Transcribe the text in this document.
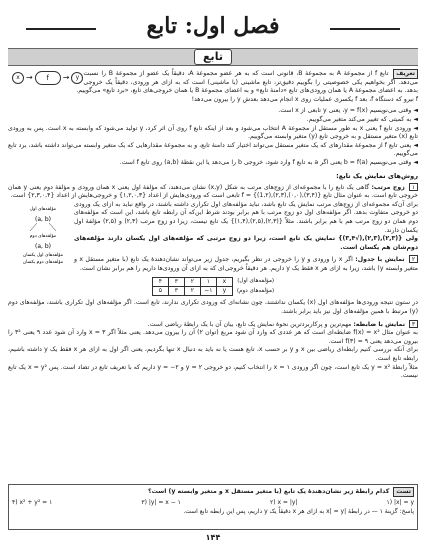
فصل اول: تابع
تابع
x →	f	→	y
تعریف تابع f از مجموعهٔ A به مجموعهٔ B، قانونی است که به هر عضو مجموعهٔ A، دقیقاً یک عضو از مجموعهٔ B را نسبت می‌دهد. اگر بخواهیم یکی خصوصیتی را بگوییم دقیق‌تر، تابع ماشینی (یا ماشینی) است که به ازای هر ورودی، دقیقاً یک خروجی بدهد. به اعضای مجموعهٔ A یا همان ورودی‌های تابع «دامنهٔ تابع» و به اعضای مجموعهٔ B یا همان خروجی‌های تابع، «برد تابع» می‌گوییم.
f نیرو ‌که دستگاه f، بعد f یکسری عملیات روی x انجام می‌دهد بعدش y را بیرون می‌دهد!
◄ وقتی می‌نویسیم y = f(x)، یعنی y تابعی از x است.
◄ به کمیتی که تغییر می‌کند متغیر می‌گوییم.
◄ ورودی تابع f یعنی x به طور مستقل از مجموعهٔ A انتخاب می‌شود و بعد از اینکه تابع f روی آن اثر کرد، y تولید می‌شود که وابسته به x است. پس به ورودی تابع (x) متغیر مستقل و به خروجی تابع (y) متغیر وابسته می‌گوییم.
◄ یعنی تابع f از مجموعهٔ مقدارهای که یک متغیر مستقل می‌تواند اختیار کند دامنهٔ تابع، و به مجموعهٔ مقدارهایی که یک متغیر وابسته می‌تواند داشته باشد، برد تابع می‌گوییم.
◄ وقتی می‌نویسیم b = f(a) یعنی اگر a به تابع f وارد شود، خروجی b را می‌دهد یا این نقطهٔ (a,b) روی تابع f است.
روش‌های نمایش یک تابع:
۱ زوج مرتب: گاهی یک تابع را با مجموعه‌ای از زوج‌های مرتب به شکل (x,y) نشان می‌دهند، که مؤلفهٔ اول یعنی x همان ورودی و مؤلفهٔ دوم یعنی y همان خروجی تابع است. به عنوان مثال تابع f = {(1,۲),(۲,۳),(۰,۰),(۳,۴)} تابعی است که ورودی‌هایش از اعداد {۱,۲,۰,۳} و خروجی‌هایش از اعداد {۲,۳,۰,۴} است.
مؤلفه‌های اول
(a, b)
مؤلفه‌های دوم
(a, b)
مؤلفه‌های اول یکسان
مؤلفه‌های دوم یکسان
برای آن‌که مجموعه‌ای از زوج‌های مرتب نمایش یک تابع باشد، نباید مؤلفه‌های اول تکراری داشته باشند، در واقع نباید به ازای یک ورودی دو خروجی متفاوت بدهد. اگر مؤلفه‌های اول دو زوج مرتب با هم برابر بودند شرط این‌که آن رابطه تابع باشد، این است که مؤلفه‌های دوم همان دو زوج مرتب هم با هم برابر باشند. مثلاً {(۲,۳),(۲,۵),(۱,۴)} یک تابع نیست، زیرا دو زوج مرتب (۲,۳) و (۲,۵) مؤلفهٔ اول یکسان دارند.
ولی {(۲,۳),(۲,۳),(√۳,۴)} نمایش یک تابع است، زیرا دو زوج مرتبی که مؤلفه‌های اول یکسان دارند مؤلفه‌های دوم‌شان هم یکسان است.
۲ نمایش با جدول: اگر x را ورودی و y را خروجی در نظر بگیریم، جدول زیر می‌تواند نشان‌دهندهٔ یک تابع (با متغیر مستقل x و متغیر وابسته y) باشد، زیرا به ازای هر x فقط یک y داریم. هر دقیقاً خروجی‌ای که به ازای آن ورودی‌ها داریم را هم برابر نشان است.
۴	۳	۲	۱	x
۵	۳	۲	−۱	y
(مؤلفه‌های اول)
(مؤلفه‌های دوم)
در ستون نتیجه ورودی‌ها مؤلفه‌های اول (x) یکسان نداشتند، چون نشانه‌ای که ورودی تکراری ندارند، تابع است. اگر مؤلفه‌های اول تکراری باشند، مؤلفه‌های دوم (y) مرتبط با همین مؤلفه‌های اول نیز باید برابر باشند.
۳ نمایش با ضابطه: مهم‌ترین و پرکاربردترین نحوهٔ نمایش یک تابع، بیان آن با یک رابطهٔ ریاضی است.
به عنوان مثال f(x) = x² ضابطه‌ای است که هر عددی که وارد آن شود مربع (توان ۲) آن را بیرون می‌دهد. یعنی مثلاً اگر x = ۳ وارد آن شود عدد ۹ یعنی ۳² را بیرون می‌دهد یعنی f(۳) = ۹ است.
برای آنکه بررسی کنیم رابطه‌ای ریاضی بین x و y بر حسب x، تابع هست یا نه باید به دنبال x تنها بگردیم، یعنی اگر اول به ازای هر x فقط یک y داشته باشیم، رابطه تابع است.
مثلاً رابطهٔ y = x² یک تابع است، چون اگر ورودی x = ۱ را انتخاب کنیم، دو خروجی y = ۲ و y = −۲ داریم که با تعریف تابع در تضاد است. پس x = y² یک تابع نیست.
تست کدام رابطهٔ زیر نشان‌دهندهٔ یک تابع (با متغیر مستقل x و متغیر وابسته y) است؟
۱) |x| = y
۲) x = |y|
۳) |y| = x − ۱
۴) x² + y² = ۱
پاسخ: گزینهٔ ۱ — در رابطهٔ |x| = y به ازای هر x دقیقاً یک y داریم، پس این رابطه تابع است.
۱۴۴
